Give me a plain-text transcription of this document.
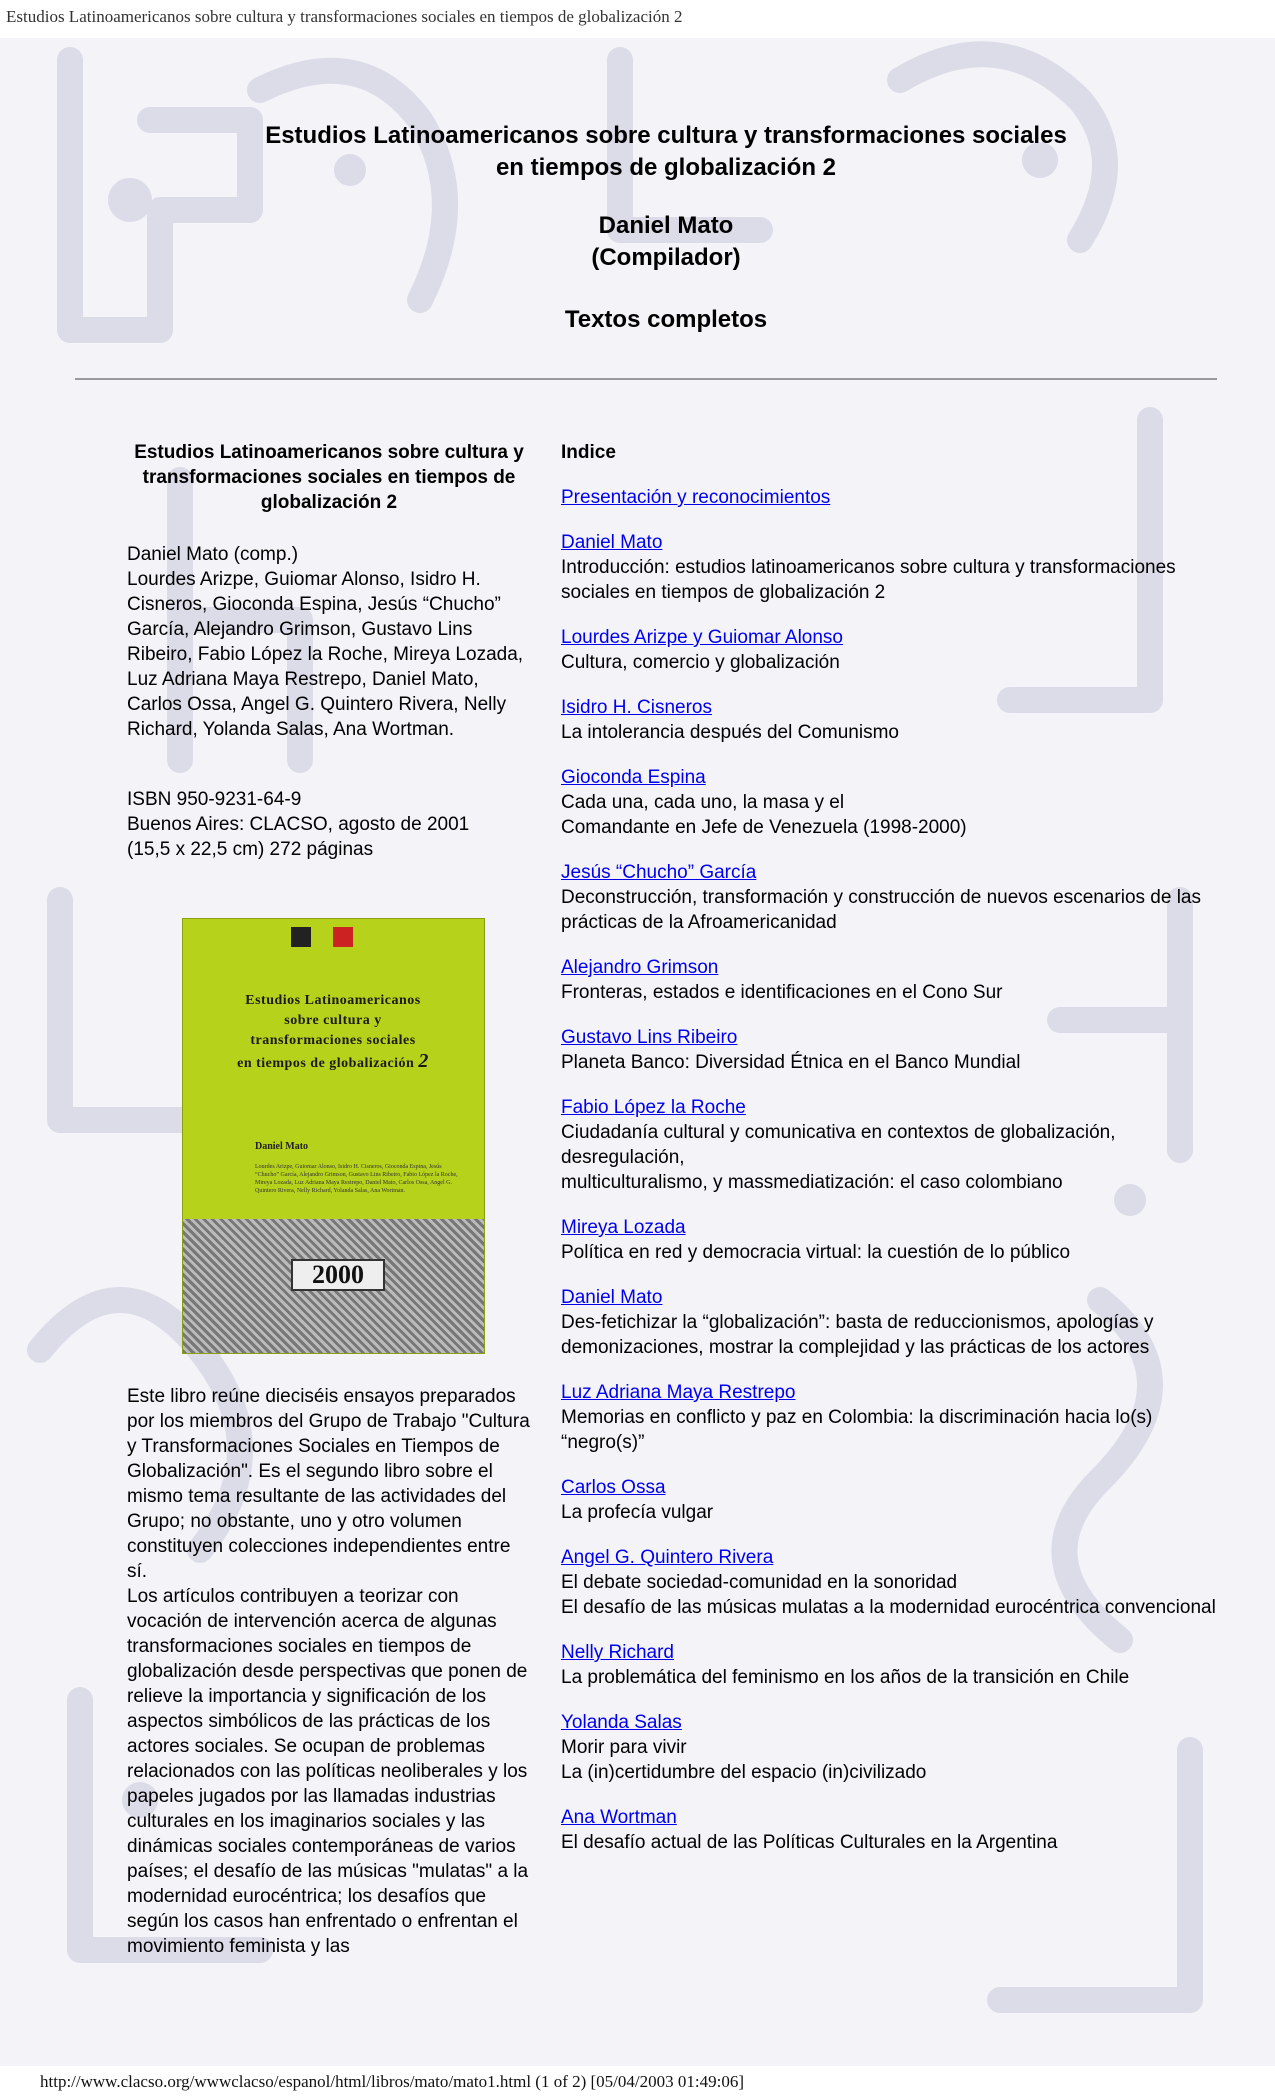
Estudios Latinoamericanos sobre cultura y transformaciones sociales en tiempos de globalización 2
Estudios Latinoamericanos sobre cultura y transformaciones sociales
en tiempos de globalización 2
Daniel Mato
(Compilador)
Textos completos
Estudios Latinoamericanos sobre cultura y transformaciones sociales en tiempos de globalización 2
Daniel Mato (comp.)
Lourdes Arizpe, Guiomar Alonso, Isidro H. Cisneros, Gioconda Espina, Jesús “Chucho” García, Alejandro Grimson, Gustavo Lins Ribeiro, Fabio López la Roche, Mireya Lozada, Luz Adriana Maya Restrepo, Daniel Mato, Carlos Ossa, Angel G. Quintero Rivera, Nelly Richard, Yolanda Salas, Ana Wortman.
ISBN 950-9231-64-9
Buenos Aires: CLACSO, agosto de 2001
(15,5 x 22,5 cm) 272 páginas
Estudios Latinoamericanos
sobre cultura y
transformaciones sociales
en tiempos de globalización 2
Daniel Mato
Lourdes Arizpe, Guiomar Alonso, Isidro H. Cisneros, Gioconda Espina, Jesús “Chucho” García, Alejandro Grimson, Gustavo Lins Ribeiro, Fabio López la Roche, Mireya Lozada, Luz Adriana Maya Restrepo, Daniel Mato, Carlos Ossa, Angel G. Quintero Rivera, Nelly Richard, Yolanda Salas, Ana Wortman.
2000
Este libro reúne dieciséis ensayos preparados por los miembros del Grupo de Trabajo "Cultura y Transformaciones Sociales en Tiempos de Globalización". Es el segundo libro sobre el mismo tema resultante de las actividades del Grupo; no obstante, uno y otro volumen constituyen colecciones independientes entre sí.
Los artículos contribuyen a teorizar con vocación de intervención acerca de algunas transformaciones sociales en tiempos de globalización desde perspectivas que ponen de relieve la importancia y significación de los aspectos simbólicos de las prácticas de los actores sociales. Se ocupan de problemas relacionados con las políticas neoliberales y los papeles jugados por las llamadas industrias culturales en los imaginarios sociales y las dinámicas sociales contemporáneas de varios países; el desafío de las músicas "mulatas" a la modernidad eurocéntrica; los desafíos que según los casos han enfrentado o enfrentan el movimiento feminista y las
Indice
Presentación y reconocimientos
Daniel Mato
Introducción: estudios latinoamericanos sobre cultura y transformaciones sociales en tiempos de globalización 2
Lourdes Arizpe y Guiomar Alonso
Cultura, comercio y globalización
Isidro H. Cisneros
La intolerancia después del Comunismo
Gioconda Espina
Cada una, cada uno, la masa y el
Comandante en Jefe de Venezuela (1998-2000)
Jesús “Chucho” García
Deconstrucción, transformación y construcción de nuevos escenarios de las prácticas de la Afroamericanidad
Alejandro Grimson
Fronteras, estados e identificaciones en el Cono Sur
Gustavo Lins Ribeiro
Planeta Banco: Diversidad Étnica en el Banco Mundial
Fabio López la Roche
Ciudadanía cultural y comunicativa en contextos de globalización, desregulación,
multiculturalismo, y massmediatización: el caso colombiano
Mireya Lozada
Política en red y democracia virtual: la cuestión de lo público
Daniel Mato
Des-fetichizar la “globalización”: basta de reduccionismos, apologías y demonizaciones, mostrar la complejidad y las prácticas de los actores
Luz Adriana Maya Restrepo
Memorias en conflicto y paz en Colombia: la discriminación hacia lo(s) “negro(s)”
Carlos Ossa
La profecía vulgar
Angel G. Quintero Rivera
El debate sociedad-comunidad en la sonoridad
El desafío de las músicas mulatas a la modernidad eurocéntrica convencional
Nelly Richard
La problemática del feminismo en los años de la transición en Chile
Yolanda Salas
Morir para vivir
La (in)certidumbre del espacio (in)civilizado
Ana Wortman
El desafío actual de las Políticas Culturales en la Argentina
http://www.clacso.org/wwwclacso/espanol/html/libros/mato/mato1.html (1 of 2) [05/04/2003 01:49:06]
